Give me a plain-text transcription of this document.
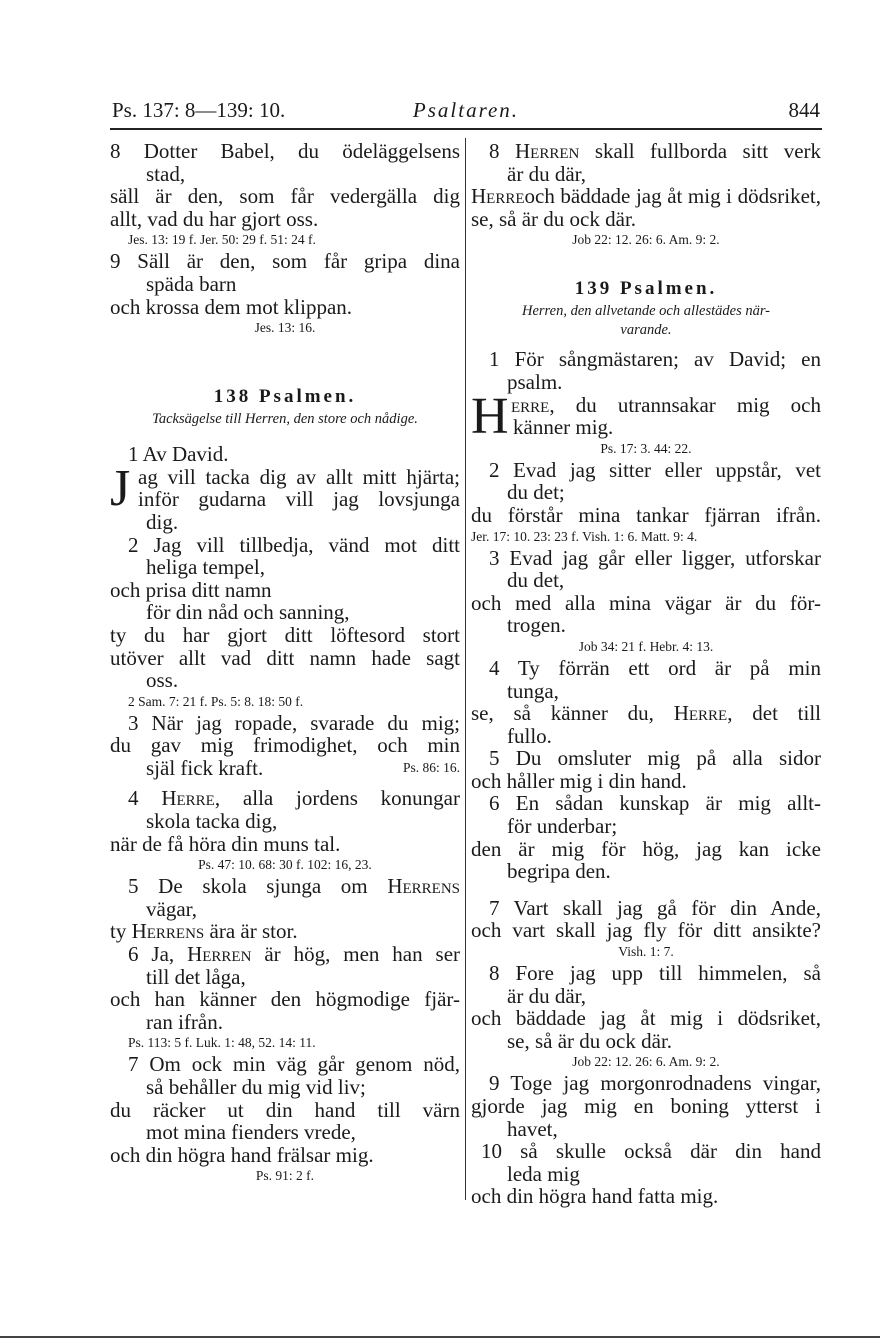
Ps. 137: 8—139: 10.	Psaltaren.	844
8 Dotter Babel, du ödeläggelsens
stad,
säll är den, som får vedergälla dig
allt, vad du har gjort oss.
Jes. 13: 19 f. Jer. 50: 29 f. 51: 24 f.
9 Säll är den, som får gripa dina
späda barn
och krossa dem mot klippan.
Jes. 13: 16.
138 Psalmen.
Tacksägelse till Herren, den store och nådige.
1 Av David.
J ag vill tacka dig av allt mitt hjärta;
inför gudarna vill jag lovsjunga
dig.
2 Jag vill tillbedja, vänd mot ditt
heliga tempel,
och prisa ditt namn
för din nåd och sanning,
ty du har gjort ditt löftesord stort
utöver allt vad ditt namn hade sagt
oss.
2 Sam. 7: 21 f. Ps. 5: 8. 18: 50 f.
3 När jag ropade, svarade du mig;
du gav mig frimodighet, och min
själ fick kraft.	Ps. 86: 16.
4 Herre, alla jordens konungar
skola tacka dig,
när de få höra din muns tal.
Ps. 47: 10. 68: 30 f. 102: 16, 23.
5 De skola sjunga om Herrens
vägar,
ty Herrens ära är stor.
6 Ja, Herren är hög, men han ser
till det låga,
och han känner den högmodige fjär-
ran ifrån.
Ps. 113: 5 f. Luk. 1: 48, 52. 14: 11.
7 Om ock min väg går genom nöd,
så behåller du mig vid liv;
du räcker ut din hand till värn
mot mina fienders vrede,
och din högra hand frälsar mig.
Ps. 91: 2 f.
8 Herren skall fullborda sitt verk
är du där,
Herreoch bäddade jag åt mig i dödsriket,
se, så är du ock där.
Job 22: 12. 26: 6. Am. 9: 2.
139 Psalmen.
Herren, den allvetande och allestädes när-
varande.
1 För sångmästaren; av David; en
psalm.
H erre, du utrannsakar mig och
känner mig.
Ps. 17: 3. 44: 22.
2 Evad jag sitter eller uppstår, vet
du det;
du förstår mina tankar fjärran ifrån.
Jer. 17: 10. 23: 23 f. Vish. 1: 6. Matt. 9: 4.
3 Evad jag går eller ligger, utforskar
du det,
och med alla mina vägar är du för-
trogen.
Job 34: 21 f. Hebr. 4: 13.
4 Ty förrän ett ord är på min
tunga,
se, så känner du, Herre, det till
fullo.
5 Du omsluter mig på alla sidor
och håller mig i din hand.
6 En sådan kunskap är mig allt-
för underbar;
den är mig för hög, jag kan icke
begripa den.
7 Vart skall jag gå för din Ande,
och vart skall jag fly för ditt ansikte?
Vish. 1: 7.
8 Fore jag upp till himmelen, så
är du där,
och bäddade jag åt mig i dödsriket,
se, så är du ock där.
Job 22: 12. 26: 6. Am. 9: 2.
9 Toge jag morgonrodnadens vingar,
gjorde jag mig en boning ytterst i
havet,
10 så skulle också där din hand
leda mig
och din högra hand fatta mig.
